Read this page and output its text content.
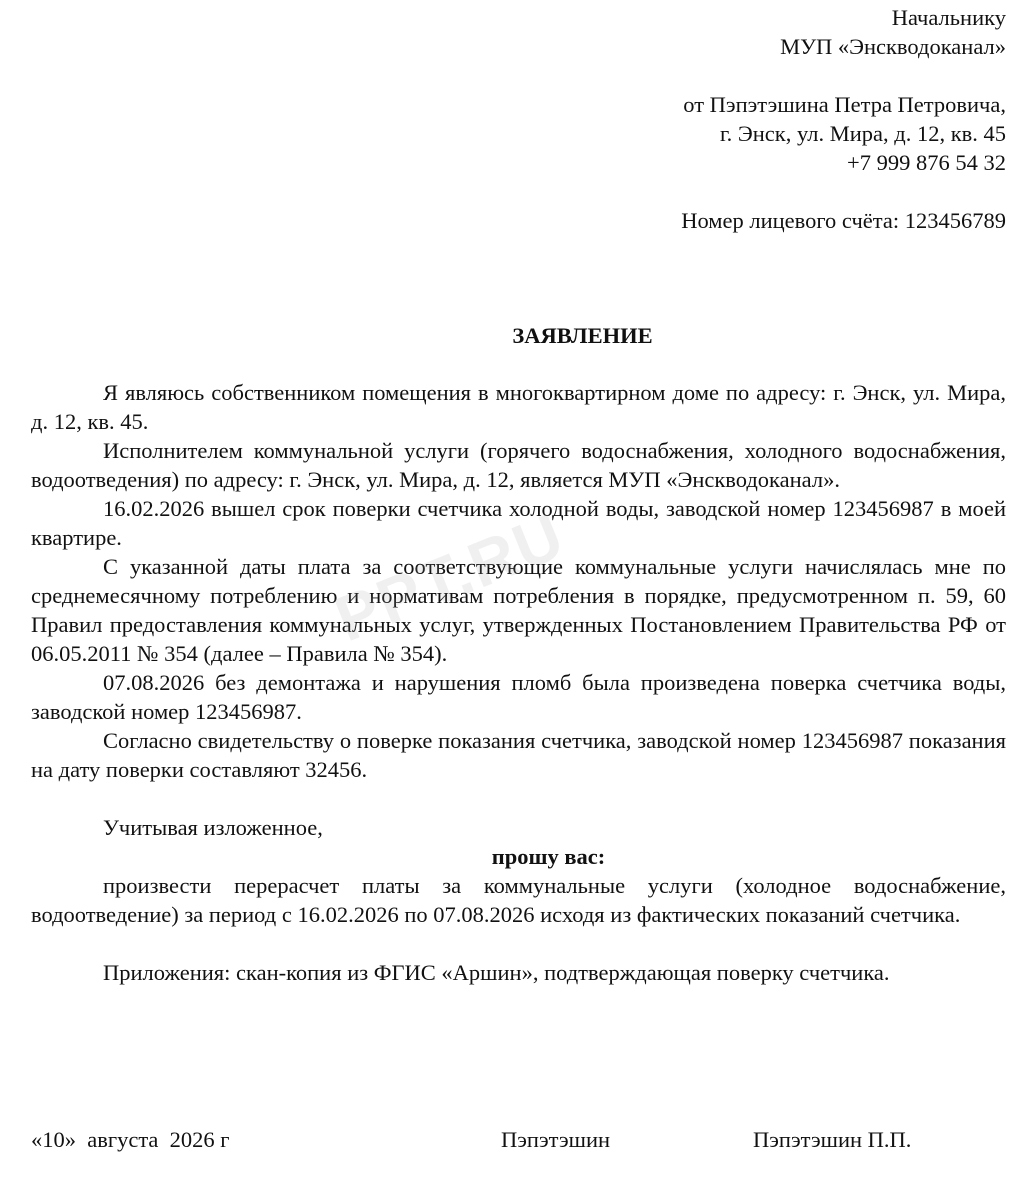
Начальнику
МУП «Энскводоканал»
от Пэпэтэшина Петра Петровича,
г. Энск, ул. Мира, д. 12, кв. 45
+7 999 876 54 32
Номер лицевого счёта: 123456789
ЗАЯВЛЕНИЕ

Я являюсь собственником помещения в многоквартирном доме по адресу: г. Энск, ул. Мира, д. 12, кв. 45.

Исполнителем коммунальной услуги (горячего водоснабжения, холодного водоснабжения, водоотведения) по адресу: г. Энск, ул. Мира, д. 12, является МУП «Энскводоканал».

16.02.2026 вышел срок поверки счетчика холодной воды, заводской номер 123456987 в моей квартире.

С указанной даты плата за соответствующие коммунальные услуги начислялась мне по среднемесячному потреблению и нормативам потребления в порядке, предусмотренном п. 59, 60 Правил предоставления коммунальных услуг, утвержденных Постановлением Правительства РФ от 06.05.2011 № 354 (далее – Правила № 354).

07.08.2026 без демонтажа и нарушения пломб была произведена поверка счетчика воды, заводской номер 123456987.

Согласно свидетельству о поверке показания счетчика, заводской номер 123456987 показания на дату поверки составляют 32456.

Учитывая изложенное,

прошу вас:

произвести перерасчет платы за коммунальные услуги (холодное водоснабжение, водоотведение) за период с 16.02.2026 по 07.08.2026 исходя из фактических показаний счетчика.

Приложения: скан-копия из ФГИС «Аршин», подтверждающая поверку счетчика.

«10»  августа  2026 г	Пэпэтэшин	Пэпэтэшин П.П.
PPT.RU
